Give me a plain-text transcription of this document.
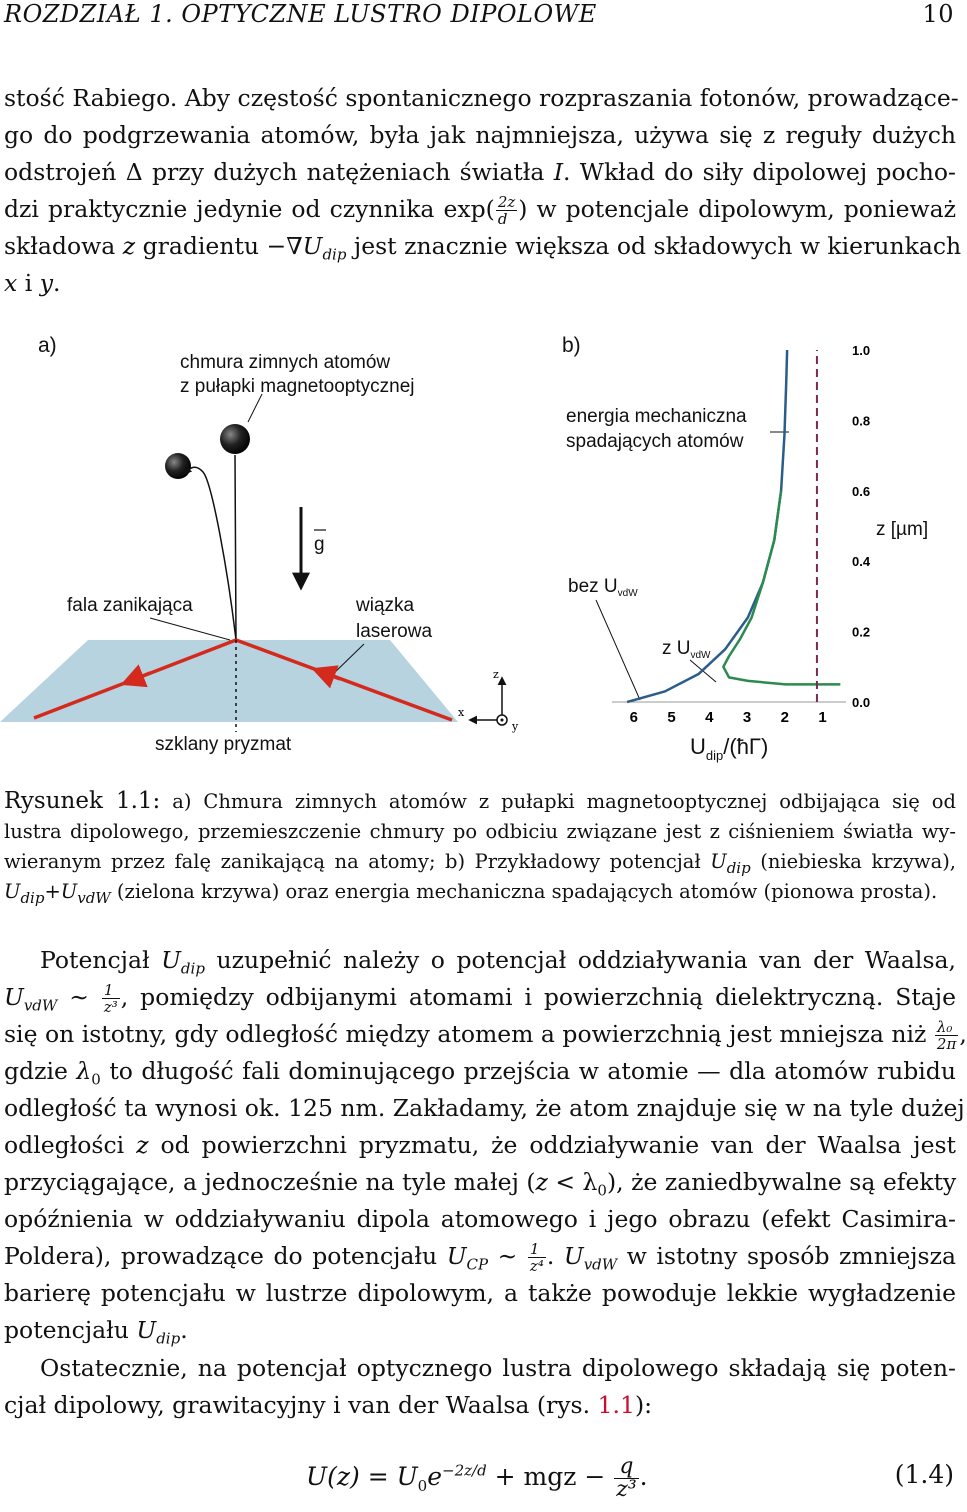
ROZDZIAŁ 1. OPTYCZNE LUSTRO DIPOLOWE	10

stość Rabiego. Aby częstość spontanicznego rozpraszania fotonów, prowadzące-
go do podgrzewania atomów, była jak najmniejsza, używa się z reguły dużych
odstrojeń Δ przy dużych natężeniach światła I. Wkład do siły dipolowej pocho-
dzi praktycznie jedynie od czynnika $\exp( \frac{2z}{d}$ ) w potencjale dipolowym, ponieważ
składowa z gradientu $-\nabla U_{dip}$ jest znacznie większa od składowych w kierunkach
x i y.

a)
chmura zimnych atomów
z pułapki magnetooptycznej
g
fala zanikająca	wiązka
laserowa
szklany pryzmat
z
x
y
b)
energia mechaniczna
spadających atomów
bez $U_{vdW}$
z $U_{vdW}$
z [µm]
$U_{dip}/(ħ\Gamma)$
6 5 4 3 2 1
0.0
0.2
0.4
0.6
0.8
1.0
Rysunek 1.1: a) Chmura zimnych atomów z pułapki magnetooptycznej odbijająca się od
lustra dipolowego, przemieszczenie chmury po odbiciu związane jest z ciśnieniem światła wy-
wieranym przez falę zanikającą na atomy; b) Przykładowy potencjał $U_{dip}$ (niebieska krzywa),
$U_{dip}+U_{vdW}$ (zielona krzywa) oraz energia mechaniczna spadających atomów (pionowa prosta).

Potencjał $U_{dip}$ uzupełnić należy o potencjał oddziaływania van der Waalsa,
$U_{vdW}$ ∼ $\frac{1}{\text{z³}}$ , pomiędzy odbijanymi atomami i powierzchnią dielektryczną. Staje
się on istotny, gdy odległość między atomem a powierzchnią jest mniejsza niż $\frac{\text{λ₀}}{2\pi}$ ,
gdzie $\lambda_0$ to długość fali dominującego przejścia w atomie — dla atomów rubidu
odległość ta wynosi ok. 125 nm. Zakładamy, że atom znajduje się w na tyle dużej
odległości z od powierzchni pryzmatu, że oddziaływanie van der Waalsa jest
przyciągające, a jednocześnie na tyle małej $(z < \lambda_0)$, że zaniedbywalne są efekty
opóźnienia w oddziaływaniu dipola atomowego i jego obrazu (efekt Casimira-
Poldera), prowadzące do potencjału $U_{CP}$ ∼ $\frac{1}{\text{z⁴}}$ . $U_{vdW}$ w istotny sposób zmniejsza
barierę potencjału w lustrze dipolowym, a także powoduje lekkie wygładzenie
potencjału $U_{dip}$.

Ostatecznie, na potencjał optycznego lustra dipolowego składają się poten-
cjał dipolowy, grawitacyjny i van der Waalsa (rys. 1.1):

$U(z) = U_0e^{-2z/d}$ + mgz − $\frac{q}{\text{z³}}$ .	(1.4)
